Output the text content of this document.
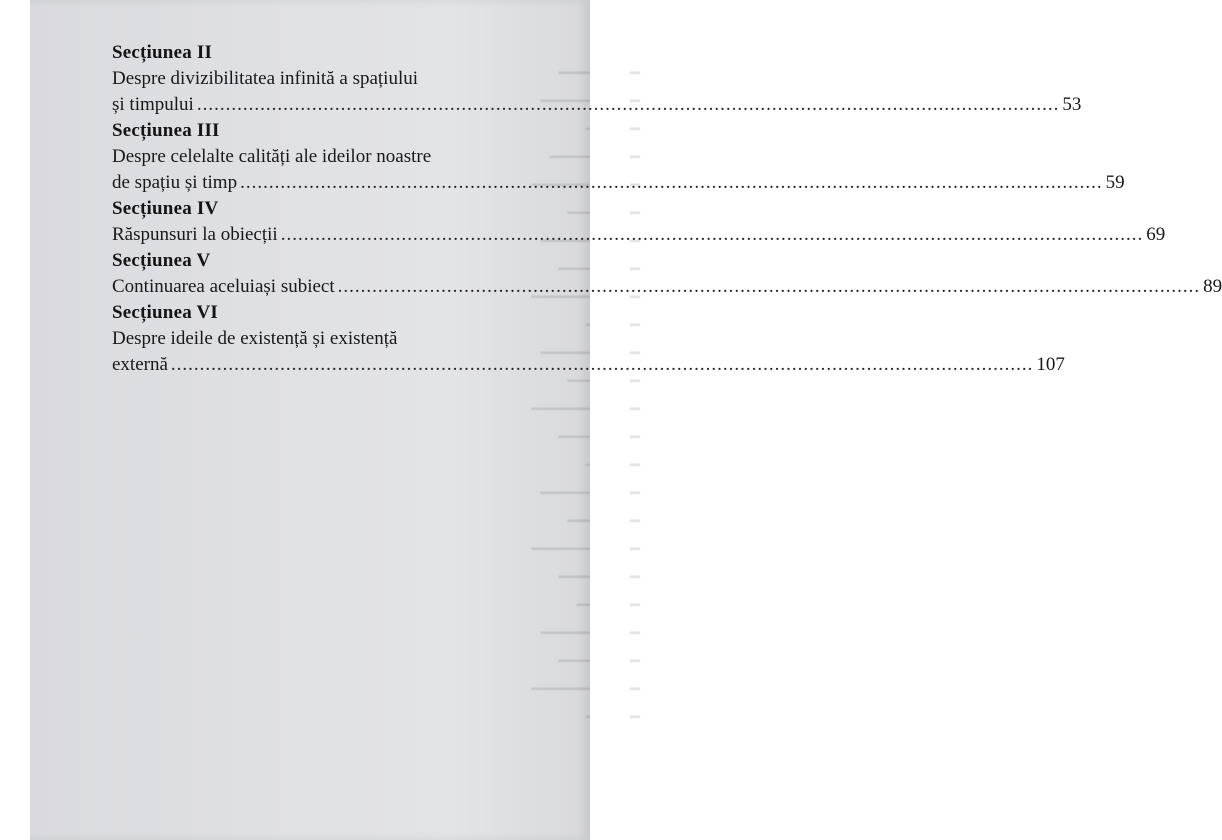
━━━━━━━━━━━━
━━━━━━━━━━━━
━━━━━━━━━━━━
━━━━━━━━━━━━
━━━━━━━━━━━━
Secțiunea II
Despre divizibilitatea infinită a spațiului
și timpului .....	53
Secțiunea III
Despre celelalte calități ale ideilor noastre
de spațiu și timp .....	59
Secțiunea IV
Răspunsuri la obiecții .....	69
Secțiunea V
Continuarea aceluiași subiect .....	89
Secțiunea VI
Despre ideile de existență și existență
externă .....	107
